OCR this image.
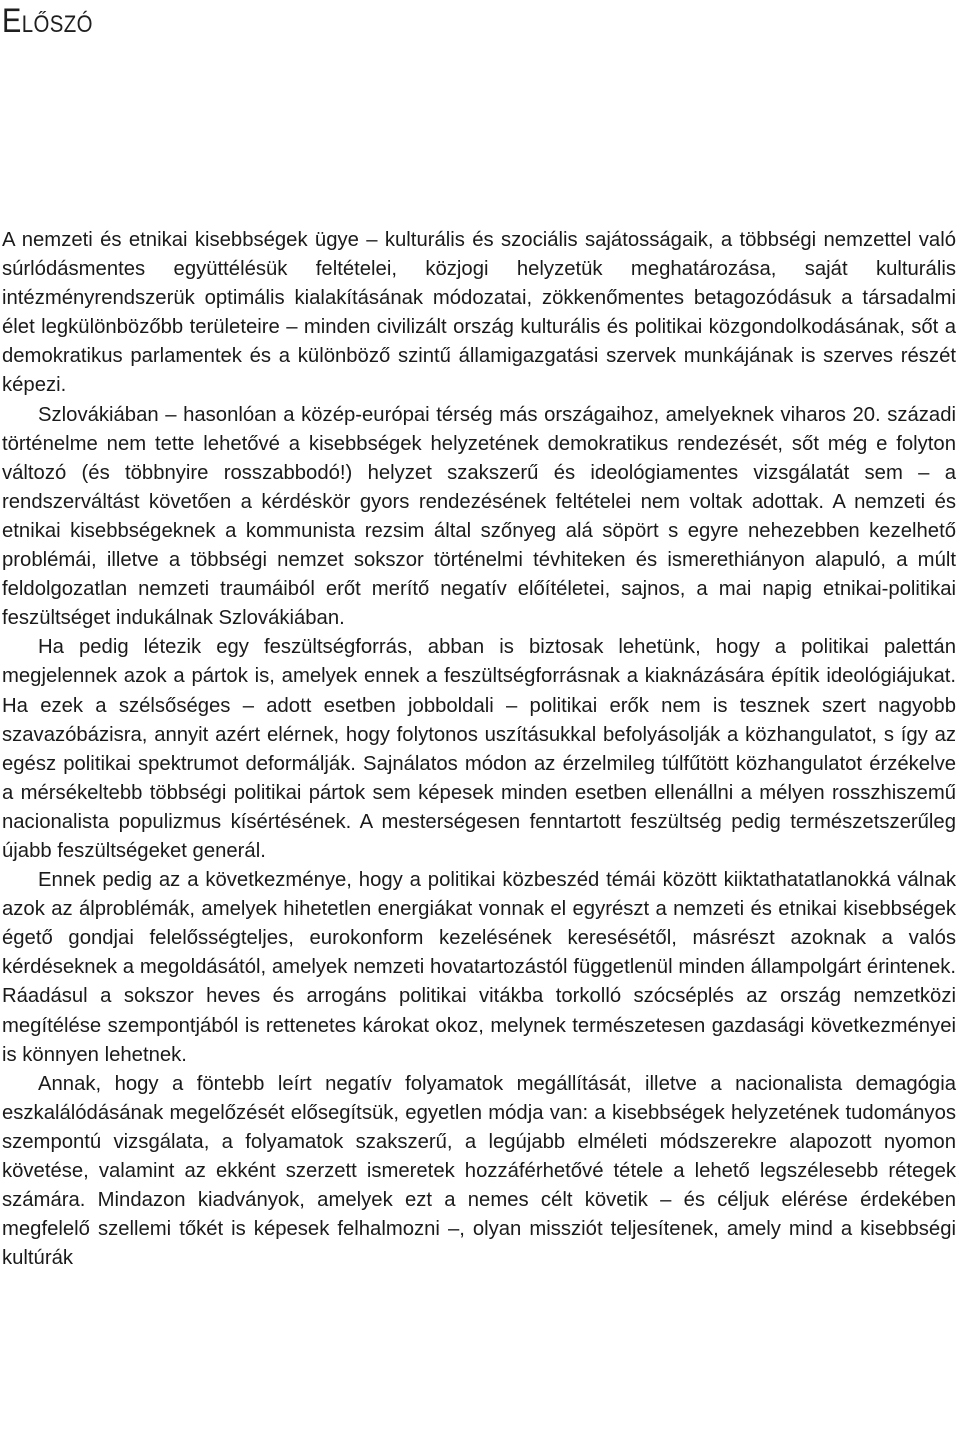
Előszó

A nemzeti és etnikai kisebbségek ügye – kulturális és szociális sajátosságaik, a többségi nemzettel való súrlódásmentes együttélésük feltételei, közjogi helyzetük meghatározása, saját kulturális intézményrendszerük optimális kialakításának módozatai, zökkenőmentes betagozódásuk a társadalmi élet legkülönbözőbb területeire – minden civilizált ország kulturális és politikai közgondolkodásának, sőt a demokratikus parlamentek és a különböző szintű államigazgatási szervek munkájának is szerves részét képezi.

Szlovákiában – hasonlóan a közép-európai térség más országaihoz, amelyeknek viharos 20. századi történelme nem tette lehetővé a kisebbségek helyzetének demokratikus rendezését, sőt még e folyton változó (és többnyire rosszabbodó!) helyzet szakszerű és ideológiamentes vizsgálatát sem – a rendszerváltást követően a kérdéskör gyors rendezésének feltételei nem voltak adottak. A nemzeti és etnikai kisebbségeknek a kommunista rezsim által szőnyeg alá söpört s egyre nehezebben kezelhető problémái, illetve a többségi nemzet sokszor történelmi tévhiteken és ismerethiányon alapuló, a múlt feldolgozatlan nemzeti traumáiból erőt merítő negatív előítéletei, sajnos, a mai napig etnikai-politikai feszültséget indukálnak Szlovákiában.

Ha pedig létezik egy feszültségforrás, abban is biztosak lehetünk, hogy a politikai palettán megjelennek azok a pártok is, amelyek ennek a feszültségforrásnak a kiaknázására építik ideológiájukat. Ha ezek a szélsőséges – adott esetben jobboldali – politikai erők nem is tesznek szert nagyobb szavazóbázisra, annyit azért elérnek, hogy folytonos uszításukkal befolyásolják a közhangulatot, s így az egész politikai spektrumot deformálják. Sajnálatos módon az érzelmileg túlfűtött közhangulatot érzékelve a mérsékeltebb többségi politikai pártok sem képesek minden esetben ellenállni a mélyen rosszhiszemű nacionalista populizmus kísértésének. A mesterségesen fenntartott feszültség pedig természetszerűleg újabb feszültségeket generál.

Ennek pedig az a következménye, hogy a politikai közbeszéd témái között kiiktathatatlanokká válnak azok az álproblémák, amelyek hihetetlen energiákat vonnak el egyrészt a nemzeti és etnikai kisebbségek égető gondjai felelősségteljes, eurokonform kezelésének keresésétől, másrészt azoknak a valós kérdéseknek a megoldásától, amelyek nemzeti hovatartozástól függetlenül minden állampolgárt érintenek. Ráadásul a sokszor heves és arrogáns politikai vitákba torkolló szócséplés az ország nemzetközi megítélése szempontjából is rettenetes károkat okoz, melynek természetesen gazdasági következményei is könnyen lehetnek.

Annak, hogy a föntebb leírt negatív folyamatok megállítását, illetve a nacionalista demagógia eszkalálódásának megelőzését elősegítsük, egyetlen módja van: a kisebbségek helyzetének tudományos szempontú vizsgálata, a folyamatok szakszerű, a legújabb elméleti módszerekre alapozott nyomon követése, valamint az ekként szerzett ismeretek hozzáférhetővé tétele a lehető legszélesebb rétegek számára. Mindazon kiadványok, amelyek ezt a nemes célt követik – és céljuk elérése érdekében megfelelő szellemi tőkét is képesek felhalmozni –, olyan missziót teljesítenek, amely mind a kisebbségi kultúrák
